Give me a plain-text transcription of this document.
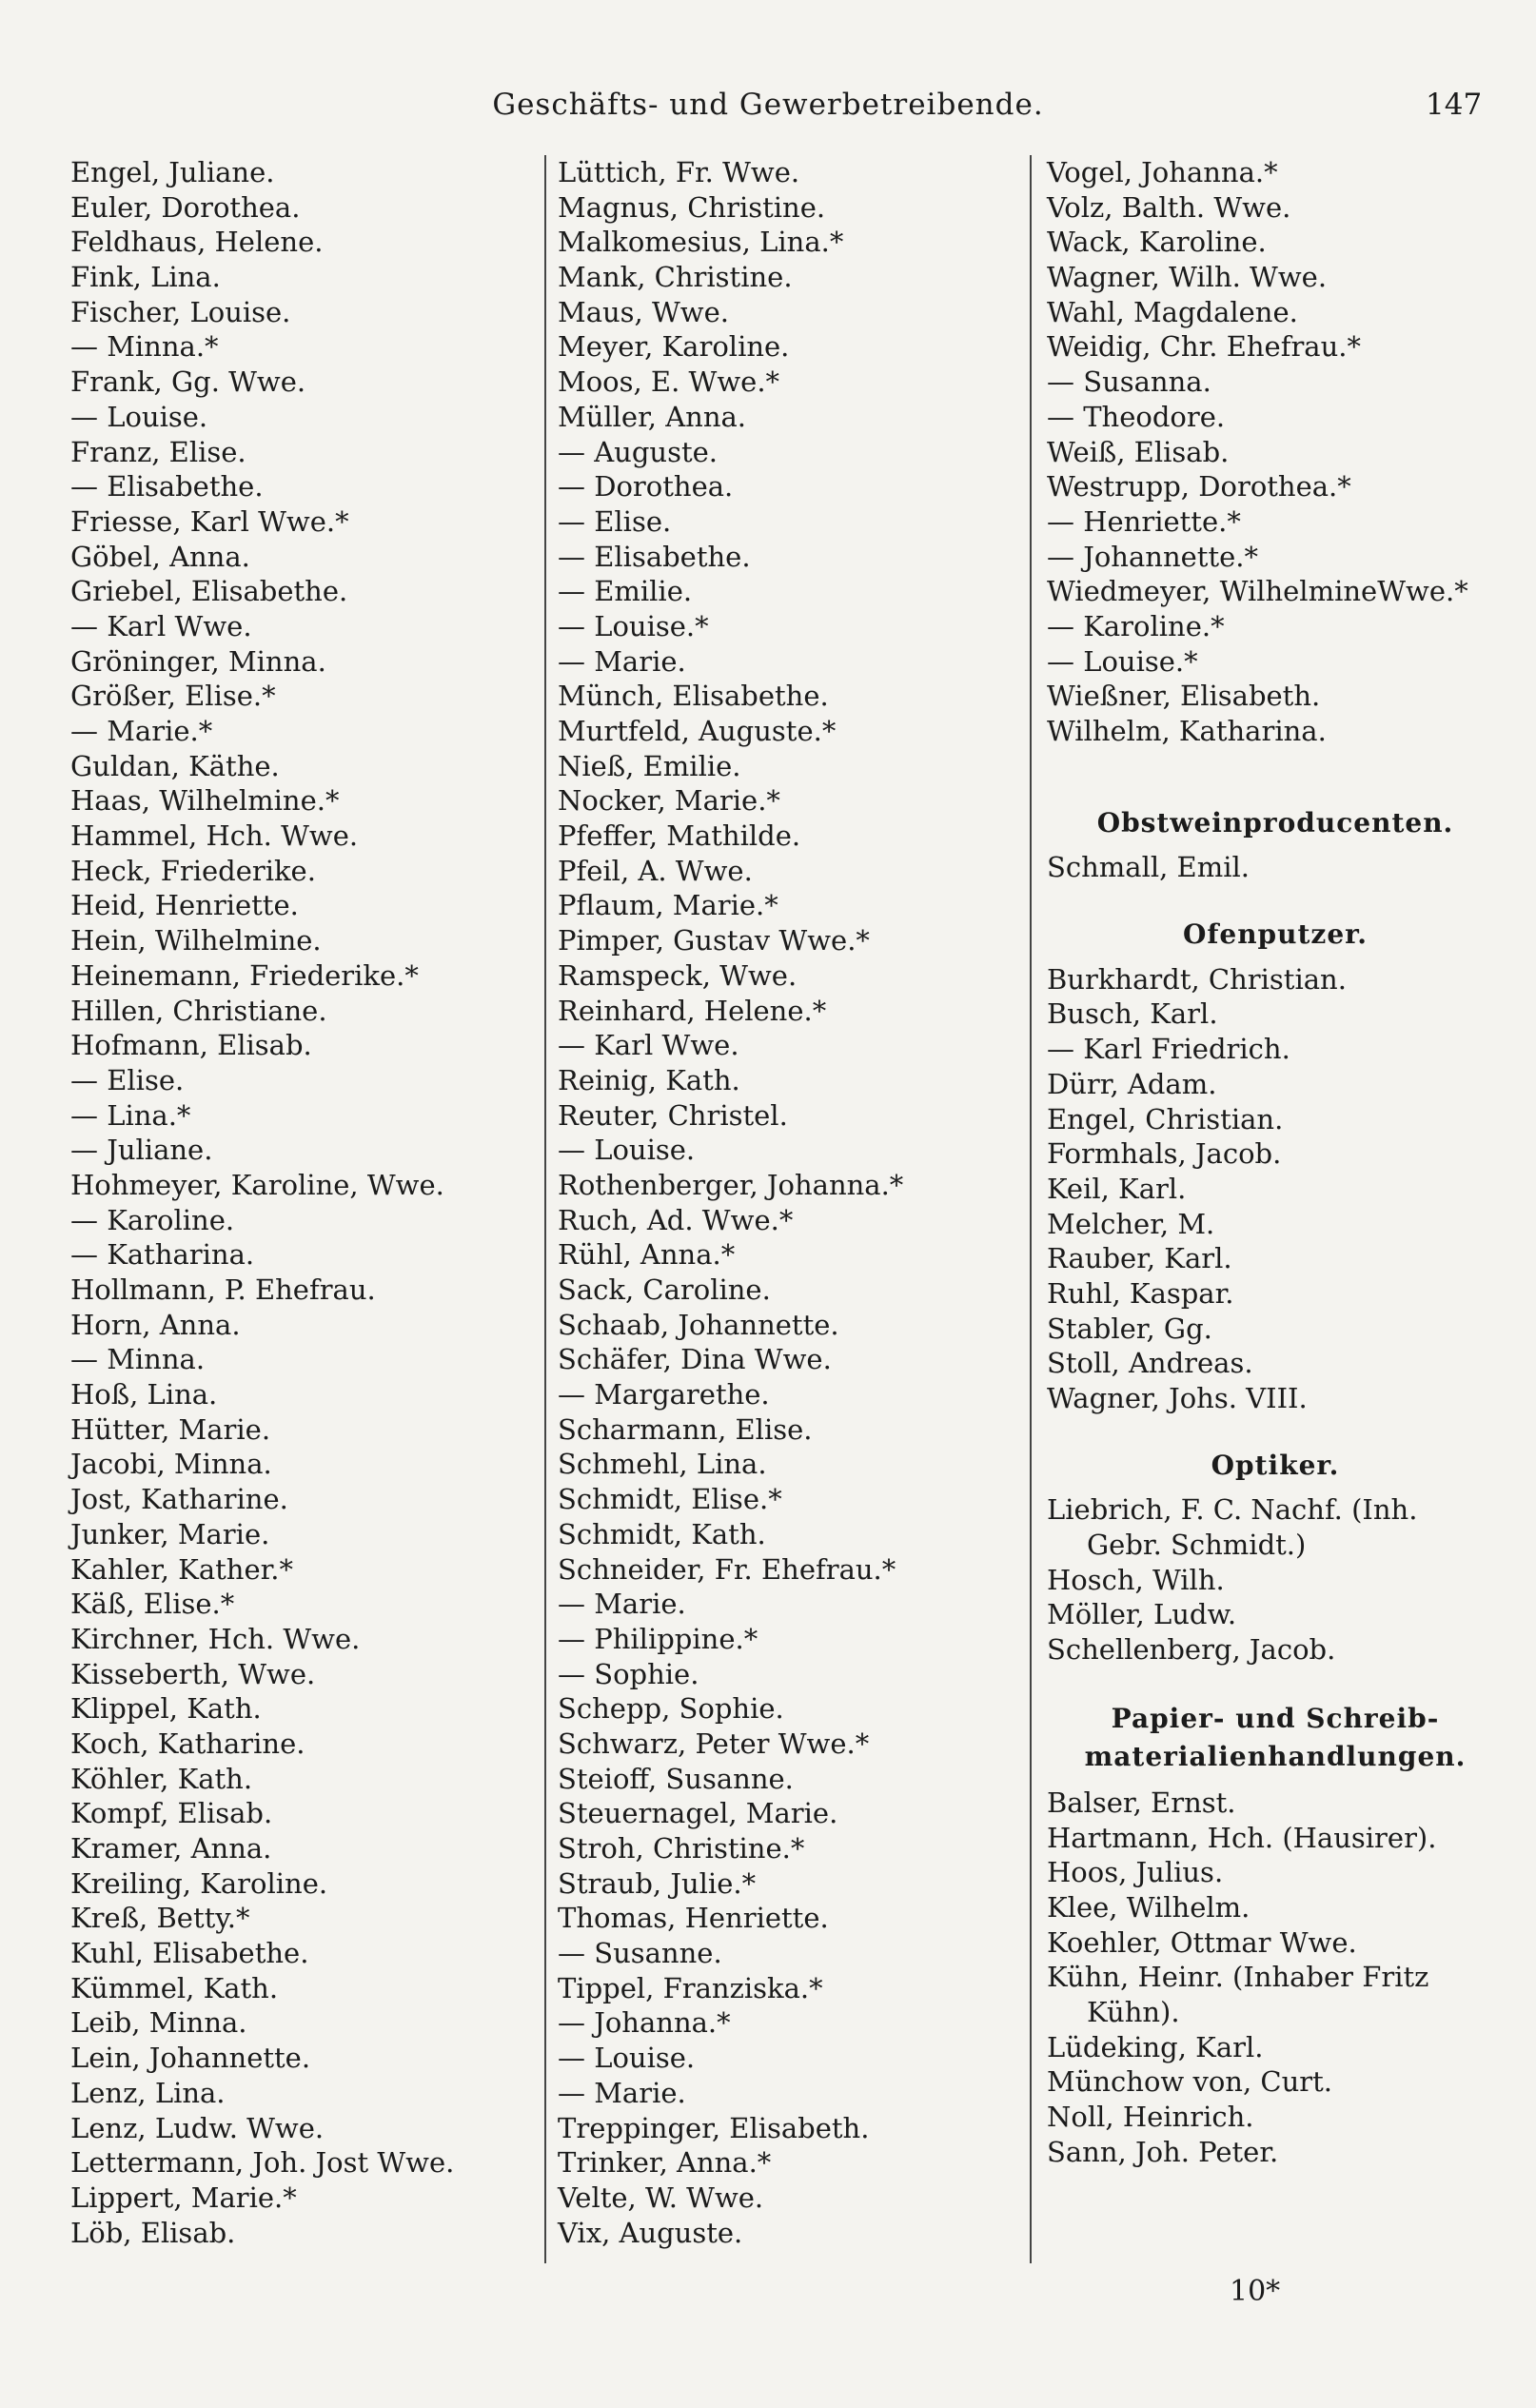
Geschäfts- und Gewerbetreibende.	147
Engel, Juliane.
Euler, Dorothea.
Feldhaus, Helene.
Fink, Lina.
Fischer, Louise.
— Minna.*
Frank, Gg. Wwe.
— Louise.
Franz, Elise.
— Elisabethe.
Friesse, Karl Wwe.*
Göbel, Anna.
Griebel, Elisabethe.
— Karl Wwe.
Gröninger, Minna.
Größer, Elise.*
— Marie.*
Guldan, Käthe.
Haas, Wilhelmine.*
Hammel, Hch. Wwe.
Heck, Friederike.
Heid, Henriette.
Hein, Wilhelmine.
Heinemann, Friederike.*
Hillen, Christiane.
Hofmann, Elisab.
— Elise.
— Lina.*
— Juliane.
Hohmeyer, Karoline, Wwe.
— Karoline.
— Katharina.
Hollmann, P. Ehefrau.
Horn, Anna.
— Minna.
Hoß, Lina.
Hütter, Marie.
Jacobi, Minna.
Jost, Katharine.
Junker, Marie.
Kahler, Kather.*
Käß, Elise.*
Kirchner, Hch. Wwe.
Kisseberth, Wwe.
Klippel, Kath.
Koch, Katharine.
Köhler, Kath.
Kompf, Elisab.
Kramer, Anna.
Kreiling, Karoline.
Kreß, Betty.*
Kuhl, Elisabethe.
Kümmel, Kath.
Leib, Minna.
Lein, Johannette.
Lenz, Lina.
Lenz, Ludw. Wwe.
Lettermann, Joh. Jost Wwe.
Lippert, Marie.*
Löb, Elisab.
Lüttich, Fr. Wwe.
Magnus, Christine.
Malkomesius, Lina.*
Mank, Christine.
Maus, Wwe.
Meyer, Karoline.
Moos, E. Wwe.*
Müller, Anna.
— Auguste.
— Dorothea.
— Elise.
— Elisabethe.
— Emilie.
— Louise.*
— Marie.
Münch, Elisabethe.
Murtfeld, Auguste.*
Nieß, Emilie.
Nocker, Marie.*
Pfeffer, Mathilde.
Pfeil, A. Wwe.
Pflaum, Marie.*
Pimper, Gustav Wwe.*
Ramspeck, Wwe.
Reinhard, Helene.*
— Karl Wwe.
Reinig, Kath.
Reuter, Christel.
— Louise.
Rothenberger, Johanna.*
Ruch, Ad. Wwe.*
Rühl, Anna.*
Sack, Caroline.
Schaab, Johannette.
Schäfer, Dina Wwe.
— Margarethe.
Scharmann, Elise.
Schmehl, Lina.
Schmidt, Elise.*
Schmidt, Kath.
Schneider, Fr. Ehefrau.*
— Marie.
— Philippine.*
— Sophie.
Schepp, Sophie.
Schwarz, Peter Wwe.*
Steioff, Susanne.
Steuernagel, Marie.
Stroh, Christine.*
Straub, Julie.*
Thomas, Henriette.
— Susanne.
Tippel, Franziska.*
— Johanna.*
— Louise.
— Marie.
Treppinger, Elisabeth.
Trinker, Anna.*
Velte, W. Wwe.
Vix, Auguste.
Vogel, Johanna.*
Volz, Balth. Wwe.
Wack, Karoline.
Wagner, Wilh. Wwe.
Wahl, Magdalene.
Weidig, Chr. Ehefrau.*
— Susanna.
— Theodore.
Weiß, Elisab.
Westrupp, Dorothea.*
— Henriette.*
— Johannette.*
Wiedmeyer, WilhelmineWwe.*
— Karoline.*
— Louise.*
Wießner, Elisabeth.
Wilhelm, Katharina.
Obstweinproducenten.
Schmall, Emil.
Ofenputzer.
Burkhardt, Christian.
Busch, Karl.
— Karl Friedrich.
Dürr, Adam.
Engel, Christian.
Formhals, Jacob.
Keil, Karl.
Melcher, M.
Rauber, Karl.
Ruhl, Kaspar.
Stabler, Gg.
Stoll, Andreas.
Wagner, Johs. VIII.
Optiker.
Liebrich, F. C. Nachf. (Inh.
Gebr. Schmidt.)
Hosch, Wilh.
Möller, Ludw.
Schellenberg, Jacob.
Papier- und Schreib-
materialienhandlungen.
Balser, Ernst.
Hartmann, Hch. (Hausirer).
Hoos, Julius.
Klee, Wilhelm.
Koehler, Ottmar Wwe.
Kühn, Heinr. (Inhaber Fritz
Kühn).
Lüdeking, Karl.
Münchow von, Curt.
Noll, Heinrich.
Sann, Joh. Peter.
10*
